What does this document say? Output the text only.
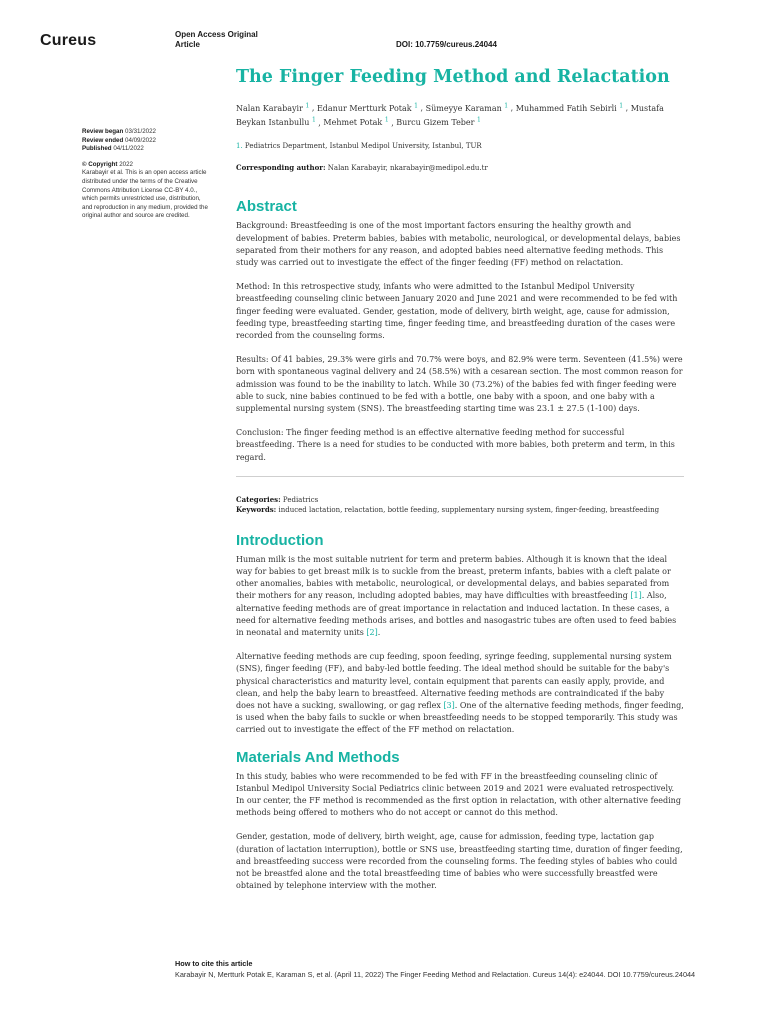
Cureus	Open Access Original
Article	DOI: 10.7759/cureus.24044
Review began 03/31/2022
Review ended 04/09/2022
Published 04/11/2022
© Copyright 2022
Karabayir et al. This is an open access article distributed under the terms of the Creative Commons Attribution License CC-BY 4.0., which permits unrestricted use, distribution, and reproduction in any medium, provided the original author and source are credited.
The Finger Feeding Method and Relactation
Nalan Karabayir $^1$ , Edanur Mertturk Potak $^1$ , Sümeyye Karaman $^1$ , Muhammed Fatih Sebirli $^1$ , Mustafa Beykan Istanbullu $^1$ , Mehmet Potak $^1$ , Burcu Gizem Teber $^1$
1. Pediatrics Department, Istanbul Medipol University, Istanbul, TUR
Corresponding author: Nalan Karabayir, nkarabayir@medipol.edu.tr
Abstract

Background: Breastfeeding is one of the most important factors ensuring the healthy growth and development of babies. Preterm babies, babies with metabolic, neurological, or developmental delays, babies separated from their mothers for any reason, and adopted babies need alternative feeding methods. This study was carried out to investigate the effect of the finger feeding (FF) method on relactation.

Method: In this retrospective study, infants who were admitted to the Istanbul Medipol University breastfeeding counseling clinic between January 2020 and June 2021 and were recommended to be fed with finger feeding were evaluated. Gender, gestation, mode of delivery, birth weight, age, cause for admission, feeding type, breastfeeding starting time, finger feeding time, and breastfeeding duration of the cases were recorded from the counseling forms.

Results: Of 41 babies, 29.3% were girls and 70.7% were boys, and 82.9% were term. Seventeen (41.5%) were born with spontaneous vaginal delivery and 24 (58.5%) with a cesarean section. The most common reason for admission was found to be the inability to latch. While 30 (73.2%) of the babies fed with finger feeding were able to suck, nine babies continued to be fed with a bottle, one baby with a spoon, and one baby with a supplemental nursing system (SNS). The breastfeeding starting time was 23.1 ± 27.5 (1-100) days.

Conclusion: The finger feeding method is an effective alternative feeding method for successful breastfeeding. There is a need for studies to be conducted with more babies, both preterm and term, in this regard.

Categories: Pediatrics
Keywords: induced lactation, relactation, bottle feeding, supplementary nursing system, finger-feeding, breastfeeding
Introduction

Human milk is the most suitable nutrient for term and preterm babies. Although it is known that the ideal way for babies to get breast milk is to suckle from the breast, preterm infants, babies with a cleft palate or other anomalies, babies with metabolic, neurological, or developmental delays, and babies separated from their mothers for any reason, including adopted babies, may have difficulties with breastfeeding [1]. Also, alternative feeding methods are of great importance in relactation and induced lactation. In these cases, a need for alternative feeding methods arises, and bottles and nasogastric tubes are often used to feed babies in neonatal and maternity units [2].

Alternative feeding methods are cup feeding, spoon feeding, syringe feeding, supplemental nursing system (SNS), finger feeding (FF), and baby-led bottle feeding. The ideal method should be suitable for the baby's physical characteristics and maturity level, contain equipment that parents can easily apply, provide, and clean, and help the baby learn to breastfeed. Alternative feeding methods are contraindicated if the baby does not have a sucking, swallowing, or gag reflex [3]. One of the alternative feeding methods, finger feeding, is used when the baby fails to suckle or when breastfeeding needs to be stopped temporarily. This study was carried out to investigate the effect of the FF method on relactation.

Materials And Methods

In this study, babies who were recommended to be fed with FF in the breastfeeding counseling clinic of Istanbul Medipol University Social Pediatrics clinic between 2019 and 2021 were evaluated retrospectively. In our center, the FF method is recommended as the first option in relactation, with other alternative feeding methods being offered to mothers who do not accept or cannot do this method.

Gender, gestation, mode of delivery, birth weight, age, cause for admission, feeding type, lactation gap (duration of lactation interruption), bottle or SNS use, breastfeeding starting time, duration of finger feeding, and breastfeeding success were recorded from the counseling forms. The feeding styles of babies who could not be breastfed alone and the total breastfeeding time of babies who were successfully breastfed were obtained by telephone interview with the mother.

How to cite this article
Karabayir N, Mertturk Potak E, Karaman S, et al. (April 11, 2022) The Finger Feeding Method and Relactation. Cureus 14(4): e24044. DOI 10.7759/cureus.24044
